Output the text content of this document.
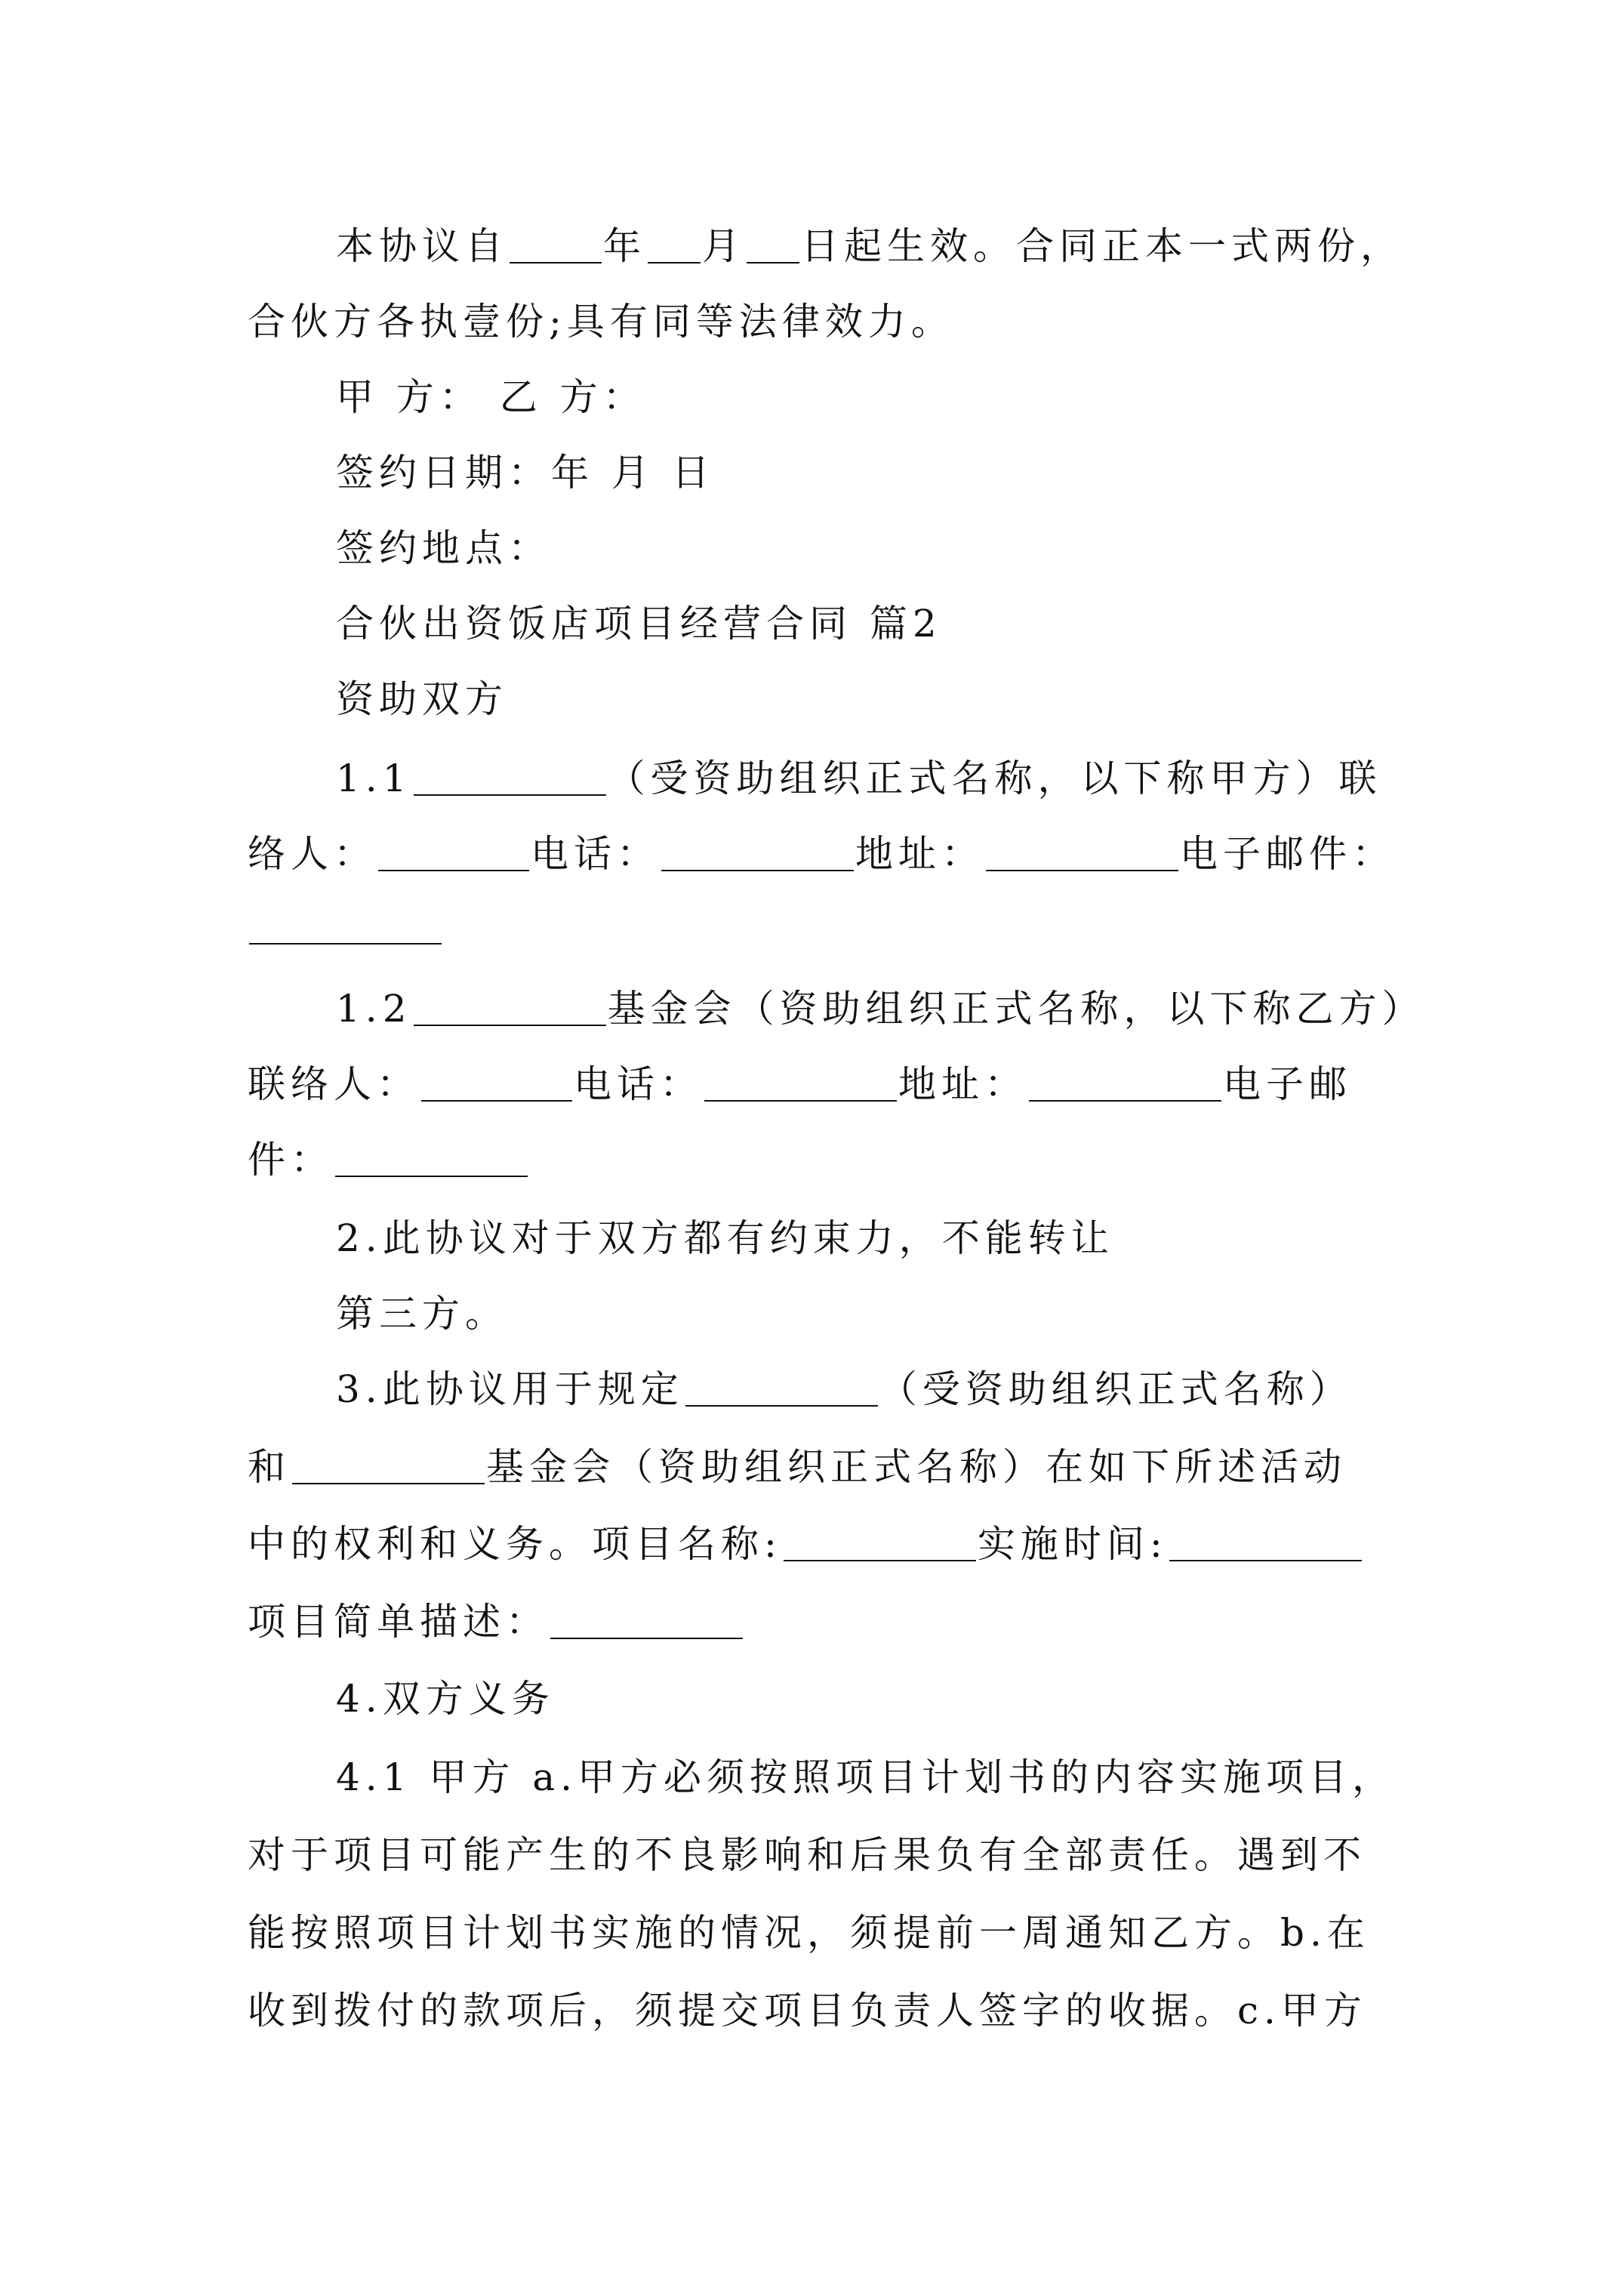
本协议自	年 月 日起生效。合同正本一式两份，
合伙方各执壹份;具有同等法律效力。
甲 方： 乙 方：
签约日期：年 月 日
签约地点：
合伙出资饭店项目经营合同 篇2
资助双方
1.1	（受资助组织正式名称，以下称甲方）联
络人：	电话：	地址：	电子邮件：
1.2	基金会（资助组织正式名称，以下称乙方）
联络人：	电话：	地址：	电子邮
件：
2.此协议对于双方都有约束力，不能转让
第三方。
3.此协议用于规定	（受资助组织正式名称）
和	基金会（资助组织正式名称）在如下所述活动
中的权利和义务。项目名称:	实施时间:
项目简单描述：
4.双方义务
4.1 甲方 a.甲方必须按照项目计划书的内容实施项目，
对于项目可能产生的不良影响和后果负有全部责任。遇到不
能按照项目计划书实施的情况，须提前一周通知乙方。b.在
收到拨付的款项后，须提交项目负责人签字的收据。c.甲方
